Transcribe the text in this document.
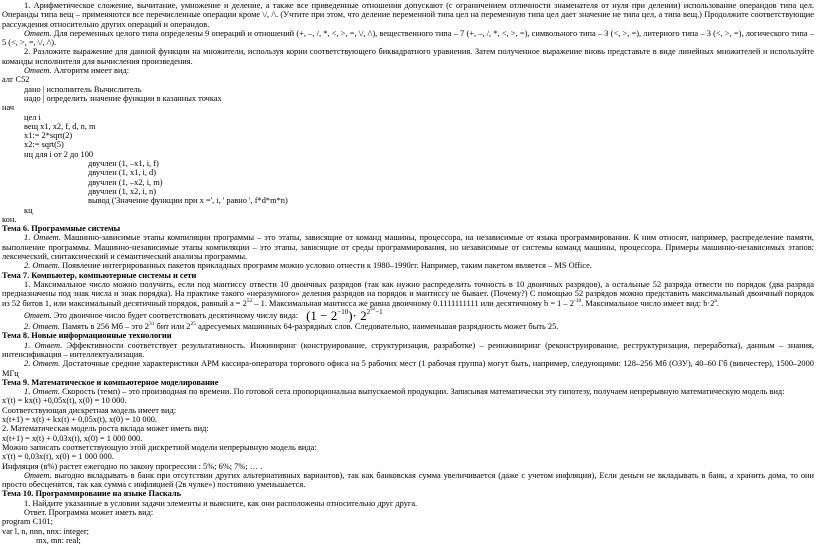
1. Арифметическое сложение, вычитание, умножение и деление, а также все приведенные отношения допускают (с ограничением отличности знаменателя от нуля при делении) использование операндов типа цел. Операнды типа вещ – применяются все перечисленные операции кроме \/, /\. (Учтите при этом, что деление переменной типа цел на переменную типа цел дает значение не типа цел, а типа вещ.) Продолжите соответствующие рассуждения относительно других операций и операндов.

Ответ. Для переменных целого типа определены 9 операций и отношений (+, –, /, *, <, >, =, \/, /\), вещественного типа – 7 (+, –, /, *, <, >, =), символьного типа – 3 (<, >, =), литерного типа – 3 (<, >, =), логического типа – 5 (<, >, =, \/, /\).

2. Разложите выражение для данной функции на множители, используя корни соответствующего биквадратного уравнения. Затем полученное выражение вновь представьте в виде линейных множителей и используйте команды исполнителя для вычисления произведения.

Ответ. Алгоритм имеет вид:

алг С52

дано | исполнитель Вычислитель

надо | определить значение функции в казанных точках

нач

цел i

вещ x1, x2, f, d, n, m

x1:= 2*sqrt(2)

x2:= sqrt(5)

нц для i от 2 до 100

двучлен (1, –x1, i, f)

двучлен (1, x1, i, d)

двучлен (1, –x2, i, m)

двучлен (1, x2, i, n)

вывод ('Значение функции при x =', i, ' равно ', f*d*m*n)

кц

кон.

Тема 6. Программные системы

1. Ответ. Машинно-зависимые этапы компиляции программы – это этапы, зависящие от команд машины, процессора, на независимые от языка программирования. К ним относят, например, распределение памяти, выполнение программы. Машинно-независимые этапы компиляции – это этапы, зависящие от среды программирования, но независимые от системы команд машины, процессора. Примеры машинно-независимых этапов: лексический, синтаксический и семантический анализы программы.

2. Ответ. Появление интегрированных пакетов прикладных программ можно условно отнести к 1980–1990гг. Например, таким пакетом является – MS Office.

Тема 7. Компьютер, компьютерные системы и сети

1. Максимальное число можно получить, если под мантиссу отвести 10 двоичных разрядов (так как нужно распределить точность в 10 двоичных разрядов), а остальные 52 разряда отвести по порядок (два разряда предназначены под знак числа и знак порядка). На практике такого «неразумного» деления разрядов на порядок и мантиссу не бывает. (Почему?) С помощью 52 разрядов можно представить максимальный двоичный порядок из 52 битов 1, или максимальный десятичный порядок, равный $a = 2^{52} - 1$. Максимальная мантисса же равна двоичному 0.1111111111 или десятичному $b = 1 - 2^{-10}$. Максимальное число имеет вид: $b\cdot 2^a$.

Ответ. Это двоичное число будет соответствовать десятичному числу вида: $(1 - 2^{-10})\cdot 2^{2^{52}-1}$

2. Ответ. Память в 256 Мб – это $2^{31}$ бит или $2^{25}$ адресуемых машинных 64-разрядных слов. Следовательно, наименьшая разрядность может быть 25.

Тема 8. Новые информационные технологии

1. Ответ. Эффективности соответствует результативность. Инжиниринг (конструирование, структуризация, разработке) – реинжиниринг (реконструирование, реструктуризация, переработка), данным – знания, интенсификация – интеллектуализация.

2. Ответ. Достаточные средние характеристики АРМ кассира-оператора торгового офиса на 5 рабочих мест (1 рабочая группа) могут быть, например, следующими: 128–256 Мб (ОЗУ), 40–60 Гб (винчестер), 1500–2000 МГц

Тема 9. Математическое и компьютерное моделирование

1. Ответ. Скорость (темп) – это производная по времени. По готовой сета пропорциональна выпускаемой продукции. Записывая математически эту гипотезу, получаем непрерывную математическую модель вид:

x'(t) = kx(t) +0,05x(t), x(0) = 10 000.

Соответствующая дискретная модель имеет вид:

x(t+1) = x(t) + kx(t) + 0,05x(t), x(0) = 10 000.

2. Математическая модель роста вклада может иметь вид:

x(t+1) = x(t) + 0,03x(t), x(0) = 1 000 000.

Можно записать соответствующую этой дискретной модели непрерывную модель вида:

x'(t) = 0,03x(t), x(0) = 1 000 000.

Инфляция (в%) растет ежегодно по закону прогрессии : 5%; 6%; 7%; … .

Ответ. выгодно вкладывать в банк при отсутствии других альтернативных вариантов), так как банковская сумма увеличивается (даже с учетом инфляции), Если деньги не вкладывать в банк, а хранить дома, то они просто обесценятся, так как сумма с инфляцией (2в чулке») постоянно уменьшается.

Тема 10. Программирование на языке Паскаль

1. Найдите указанные в условии задачи элементы и выясните, как они расположены относительно друг друга.

Ответ. Программа может иметь вид:

program C101;

var l, n, nnn, nnx: integer;

mx, mn: real;
